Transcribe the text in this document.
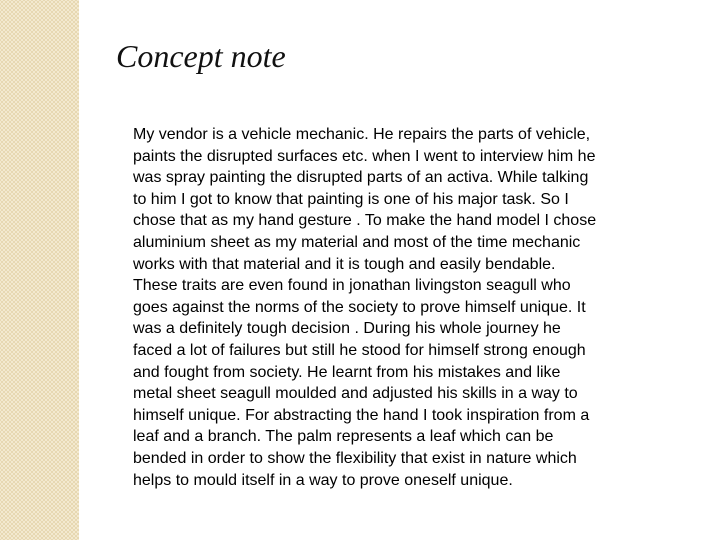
Concept note
My vendor is a vehicle mechanic. He repairs the parts of vehicle,
paints the disrupted surfaces etc. when I went to interview him he
was spray painting the disrupted parts of an activa. While talking
to him I got to know that painting is one of his major task. So I
chose that as my hand gesture . To make the hand model I chose
aluminium sheet as my material and most of the time mechanic
works with that material and it is tough and easily bendable.
These traits are even found in jonathan livingston seagull who
goes against the norms of the society to prove himself unique. It
was a definitely tough decision . During his whole journey he
faced a lot of failures but still he stood for himself strong enough
and fought from society. He learnt from his mistakes and like
metal sheet seagull moulded and adjusted his skills in a way to
himself unique. For abstracting the hand I took inspiration from a
leaf and a branch. The palm represents a leaf which can be
bended in order to show the flexibility that exist in nature which
helps to mould itself in a way to prove oneself unique.
